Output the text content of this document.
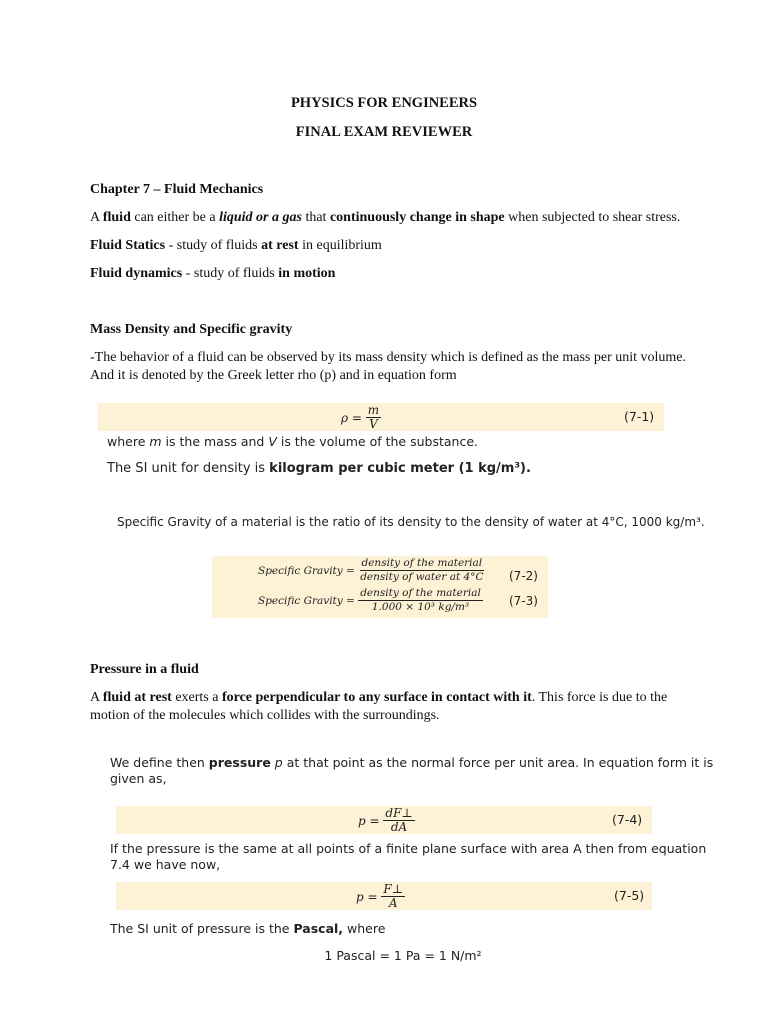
PHYSICS FOR ENGINEERS
FINAL EXAM REVIEWER
Chapter 7 – Fluid Mechanics
A fluid can either be a liquid or a gas that continuously change in shape when subjected to shear stress.
Fluid Statics - study of fluids at rest in equilibrium
Fluid dynamics - study of fluids in motion
Mass Density and Specific gravity
-The behavior of a fluid can be observed by its mass density which is defined as the mass per unit volume.
And it is denoted by the Greek letter rho (p) and in equation form
ρ =
$\frac{m}{V}$	(7-1)
where m is the mass and V is the volume of the substance.
The SI unit for density is kilogram per cubic meter (1 kg/m³).
Specific Gravity of a material is the ratio of its density to the density of water at 4°C, 1000 kg/m³.
Specific Gravity =
$\frac{\text{density of the material}}{\text{density of water at 4°C}} (7-2)$
Specific Gravity =
$\frac{\text{density of the material}}{\text{1.000 × 10³ kg/m³}} (7-3)$
Pressure in a fluid
A fluid at rest exerts a force perpendicular to any surface in contact with it. This force is due to the
motion of the molecules which collides with the surroundings.
We define then pressure p at that point as the normal force per unit area. In equation form it is
given as,
p =
$\frac{dF\perp}{dA}$	(7-4)
If the pressure is the same at all points of a finite plane surface with area A then from equation
7.4 we have now,
p =
$\frac{F\perp}{A}$	(7-5)
The SI unit of pressure is the Pascal, where
1 Pascal = 1 Pa = 1 N/m²
